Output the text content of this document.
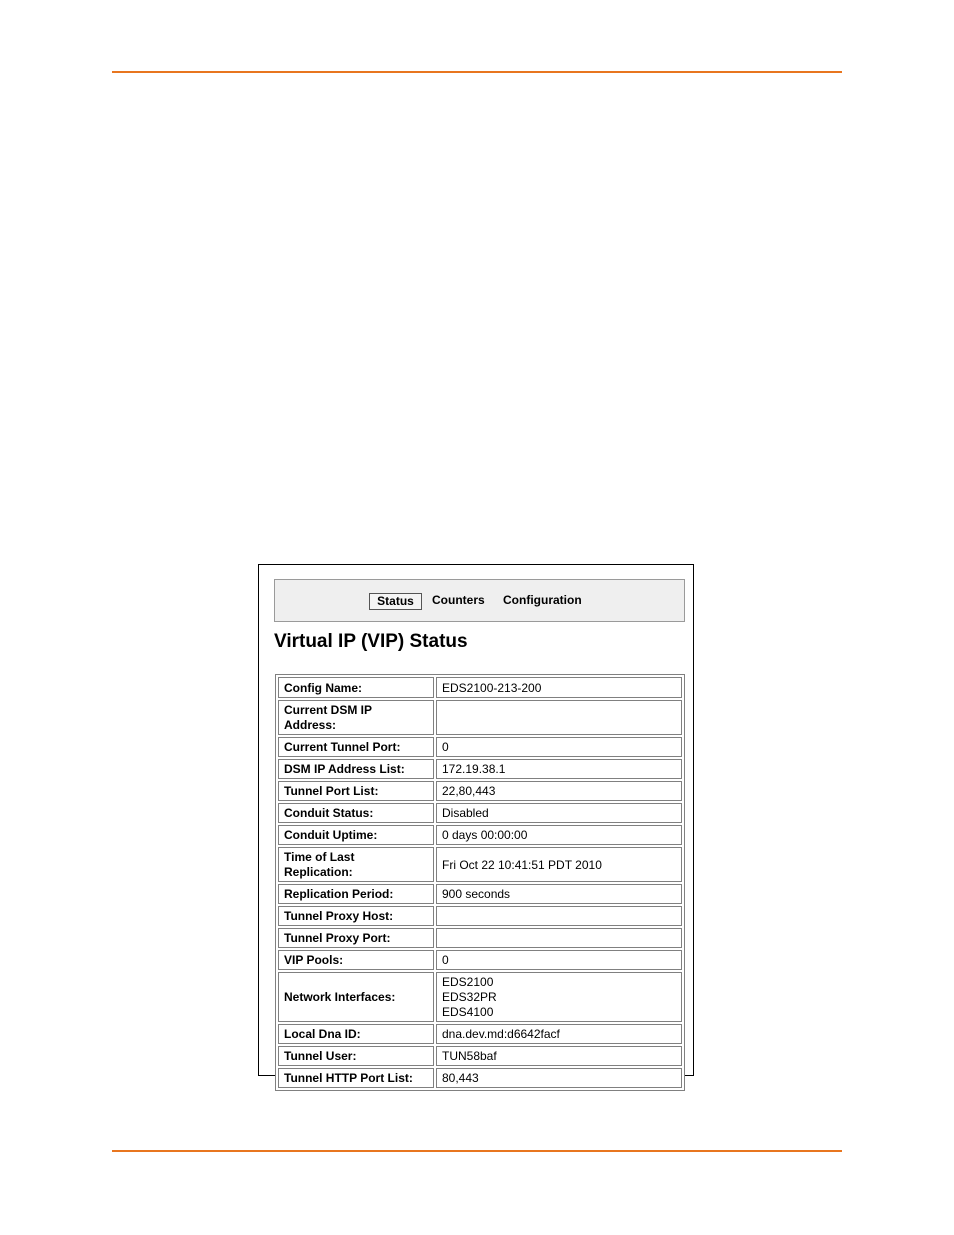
Status	Counters Configuration
Virtual IP (VIP) Status
Config Name:	EDS2100-213-200

Current DSM IP Address:	

Current Tunnel Port:	0
DSM IP Address List:	172.19.38.1
Tunnel Port List:	22,80,443
Conduit Status:	Disabled
Conduit Uptime:	0 days 00:00:00

Time of Last Replication:	Fri Oct 22 10:41:51 PDT 2010
Replication Period:	900 seconds
Tunnel Proxy Host:	
Tunnel Proxy Port:	
VIP Pools:	0
Network Interfaces:	EDS2100
EDS32PR
EDS4100

Local Dna ID:	dna.dev.md:d6642facf
Tunnel User:	TUN58baf
Tunnel HTTP Port List:	80,443
